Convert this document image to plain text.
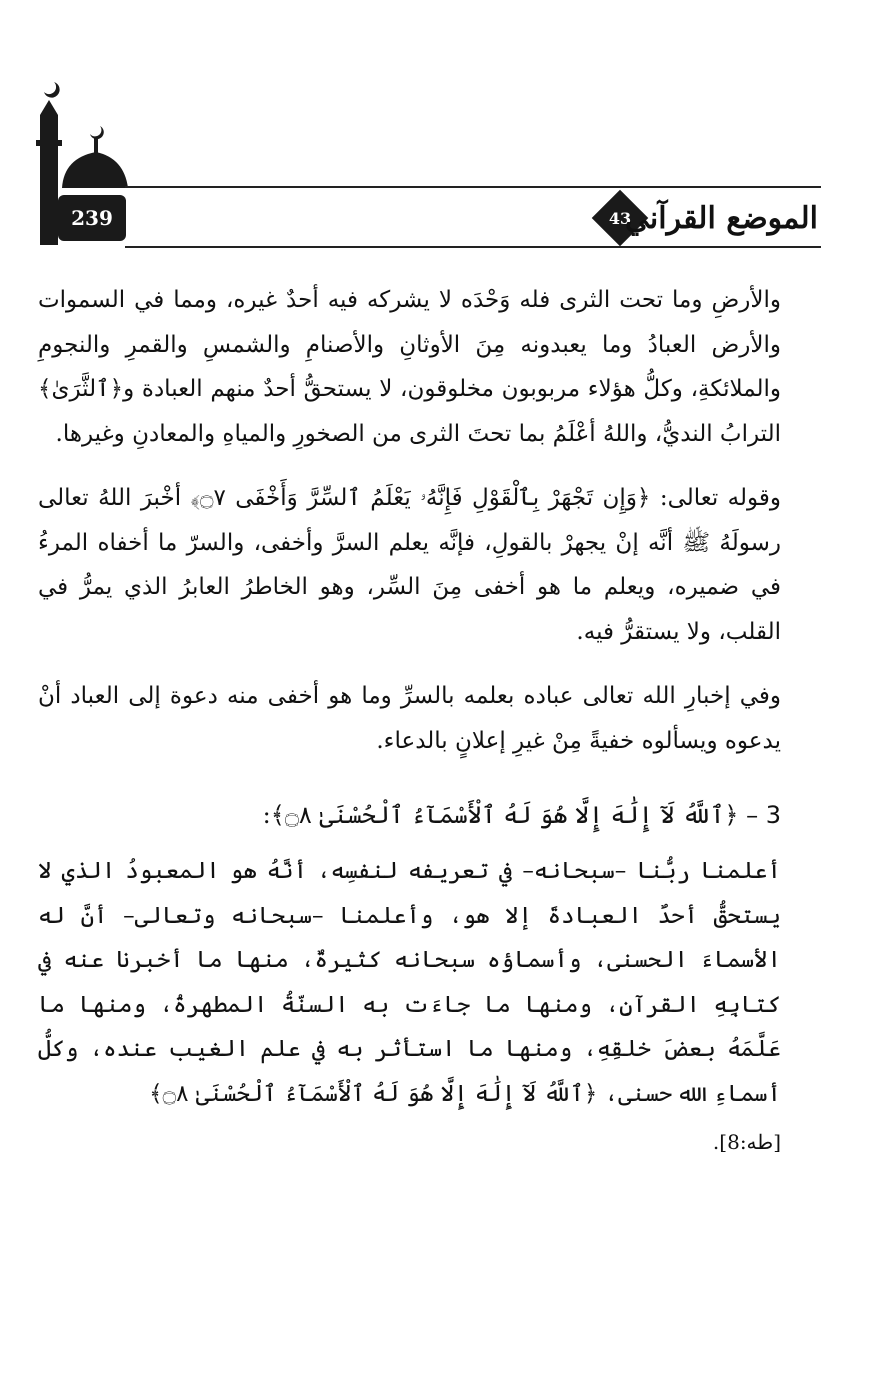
239	43
الموضع القرآني

والأرضِ وما تحت الثرى فله وَحْدَه لا يشركه فيه أحدٌ غيره، ومما في السموات والأرض العبادُ وما يعبدونه مِنَ الأوثانِ والأصنامِ والشمسِ والقمرِ والنجومِ والملائكةِ، وكلُّ هؤلاء مربوبون مخلوقون، لا يستحقُّ أحدٌ منهم العبادة و﴿ٱلثَّرَىٰ﴾ الترابُ النديُّ، واللهُ أعْلَمُ بما تحتَ الثرى من الصخورِ والمياهِ والمعادنِ وغيرها.

وقوله تعالى: ﴿وَإِن تَجْهَرْ بِٱلْقَوْلِ فَإِنَّهُۥ يَعْلَمُ ٱلسِّرَّ وَأَخْفَى ۝٧﴾ أخْبرَ اللهُ تعالى رسولَهُ ﷺ أنَّه إنْ يجهرْ بالقولِ، فإنَّه يعلم السرَّ وأخفى، والسرّ ما أخفاه المرءُ في ضميره، ويعلم ما هو أخفى مِنَ السِّر، وهو الخاطرُ العابرُ الذي يمرُّ في القلب، ولا يستقرُّ فيه.

وفي إخبارِ الله تعالى عباده بعلمه بالسرِّ وما هو أخفى منه دعوة إلى العباد أنْ يدعوه ويسألوه خفيةً مِنْ غيرِ إعلانٍ بالدعاء.

3 – ﴿ٱللَّهُ لَآ إِلَٰهَ إِلَّا هُوَ لَهُ ٱلْأَسْمَآءُ ٱلْحُسْنَىٰ ۝٨﴾:

أعلمنا ربُّنا –سبحانه– في تعريفه لنفسِه، أنَّهُ هو المعبودُ الذي لا يستحقُّ أحدٌ العبادةَ إلا هو، وأعلمنا –سبحانه وتعالى– أنَّ له الأسماءَ الحسنى، وأسماؤه سبحانه كثيرةٌ، منها ما أخبرنا عنه في كتابِهِ القرآنِ، ومنها ما جاءَت به السنّةُ المطهرةُ، ومنها ما عَلَّمَهُ بعضَ خلقِهِ، ومنها ما استأثر به في علم الغيب عنده، وكلُّ أسماءِ الله حسنى، ﴿ٱللَّهُ لَآ إِلَٰهَ إِلَّا هُوَ لَهُ ٱلْأَسْمَآءُ ٱلْحُسْنَىٰ ۝٨﴾

[طه:8].
